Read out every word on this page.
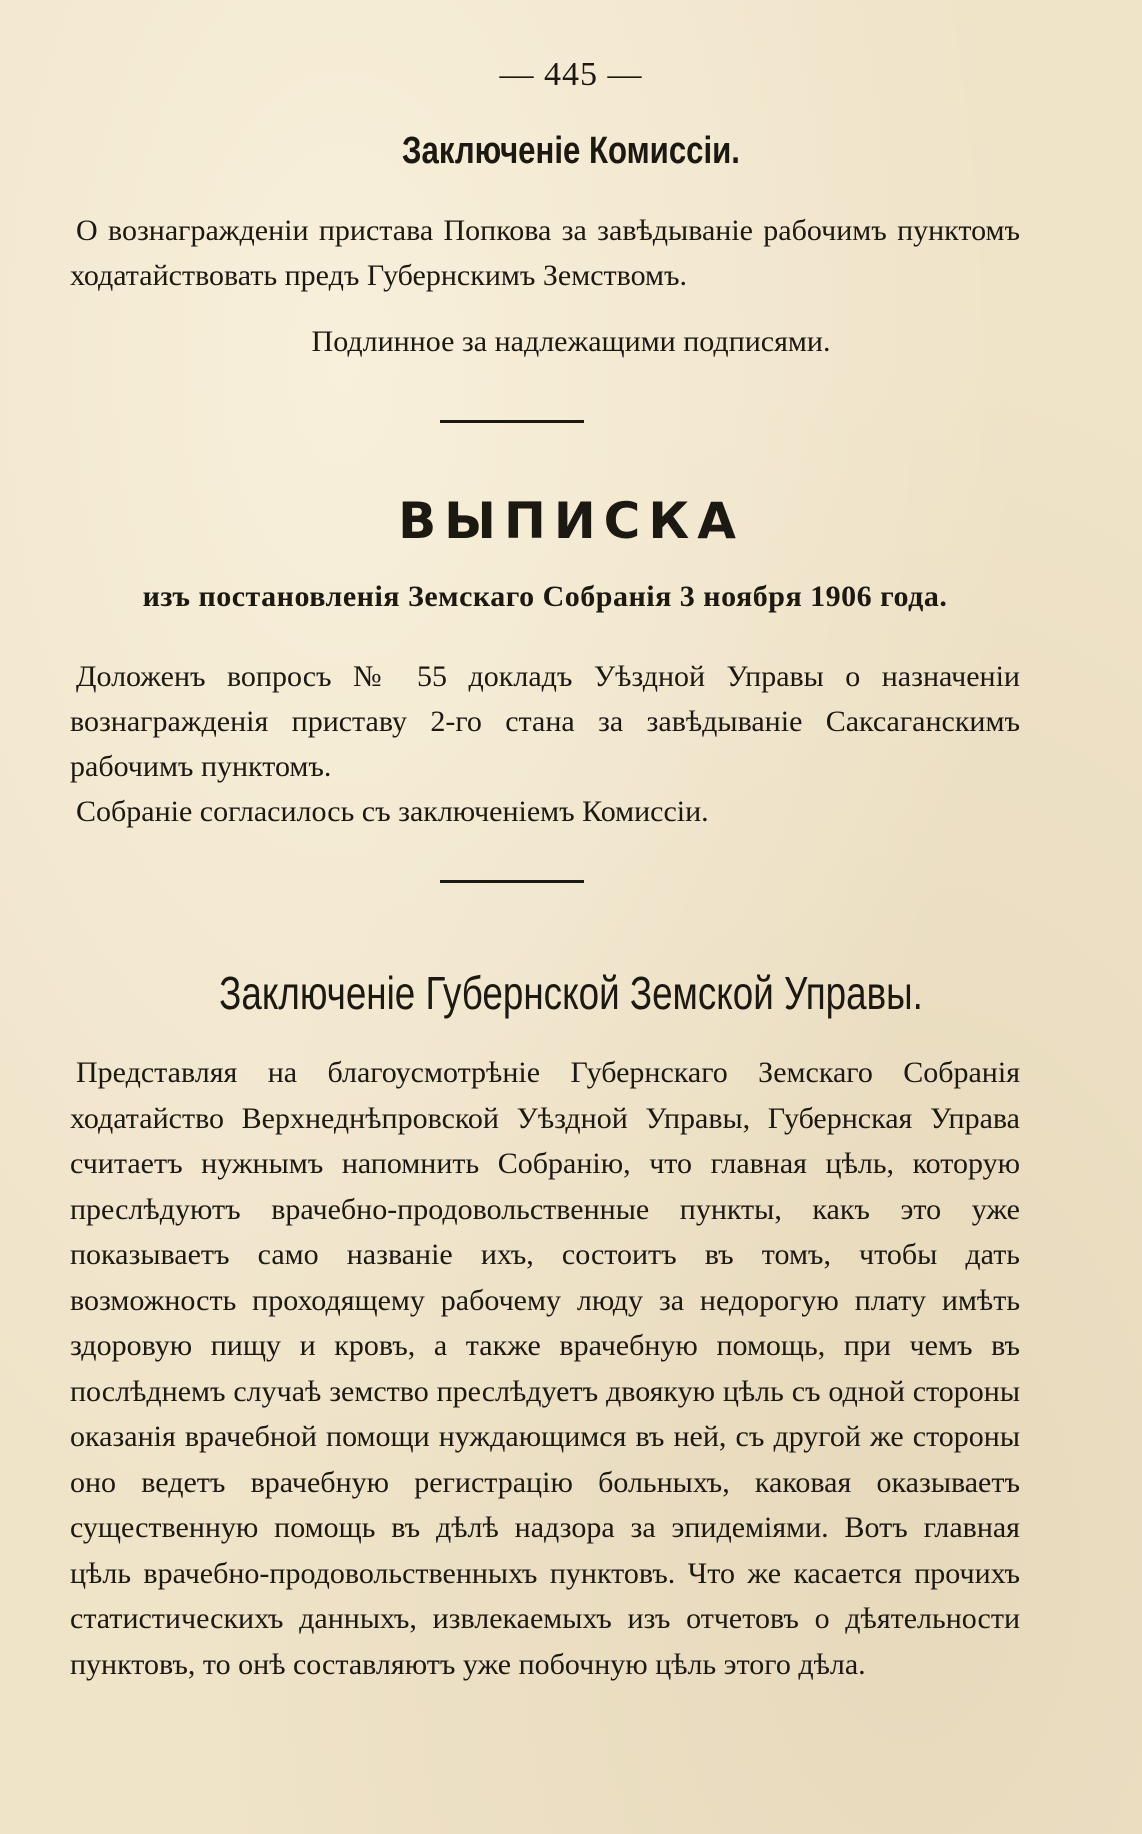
— 445 —
Заключеніе Комиссіи.

О вознагражденіи пристава Попкова за завѣдываніе рабочимъ пунктомъ ходатайствовать предъ Губернскимъ Земствомъ.

Подлинное за надлежащими подписями.
ВЫПИСКА
изъ постановленія Земскаго Собранія 3 ноября 1906 года.

Доложенъ вопросъ № 55 докладъ Уѣздной Управы о назначеніи вознагражденія приставу 2-го стана за завѣдываніе Саксаганскимъ рабочимъ пунктомъ.

Собраніе согласилось съ заключеніемъ Комиссіи.

Заключеніе Губернской Земской Управы.

Представляя на благоусмотрѣніе Губернскаго Земскаго Собранія ходатайство Верхнеднѣпровской Уѣздной Управы, Губернская Управа считаетъ нужнымъ напомнить Собранію, что главная цѣль, которую преслѣдуютъ врачебно-продовольственные пункты, какъ это уже показываетъ само названіе ихъ, состоитъ въ томъ, чтобы дать возможность проходящему рабочему люду за недорогую плату имѣть здоровую пищу и кровъ, а также врачебную помощь, при чемъ въ послѣднемъ случаѣ земство преслѣдуетъ двоякую цѣль съ одной стороны оказанія врачебной помощи нуждающимся въ ней, съ другой же стороны оно ведетъ врачебную регистрацію больныхъ, каковая оказываетъ существенную помощь въ дѣлѣ надзора за эпидеміями. Вотъ главная цѣль врачебно-продовольственныхъ пунктовъ. Что же касается прочихъ статистическихъ данныхъ, извлекаемыхъ изъ отчетовъ о дѣятельности пунктовъ, то онѣ составляютъ уже побочную цѣль этого дѣла.
